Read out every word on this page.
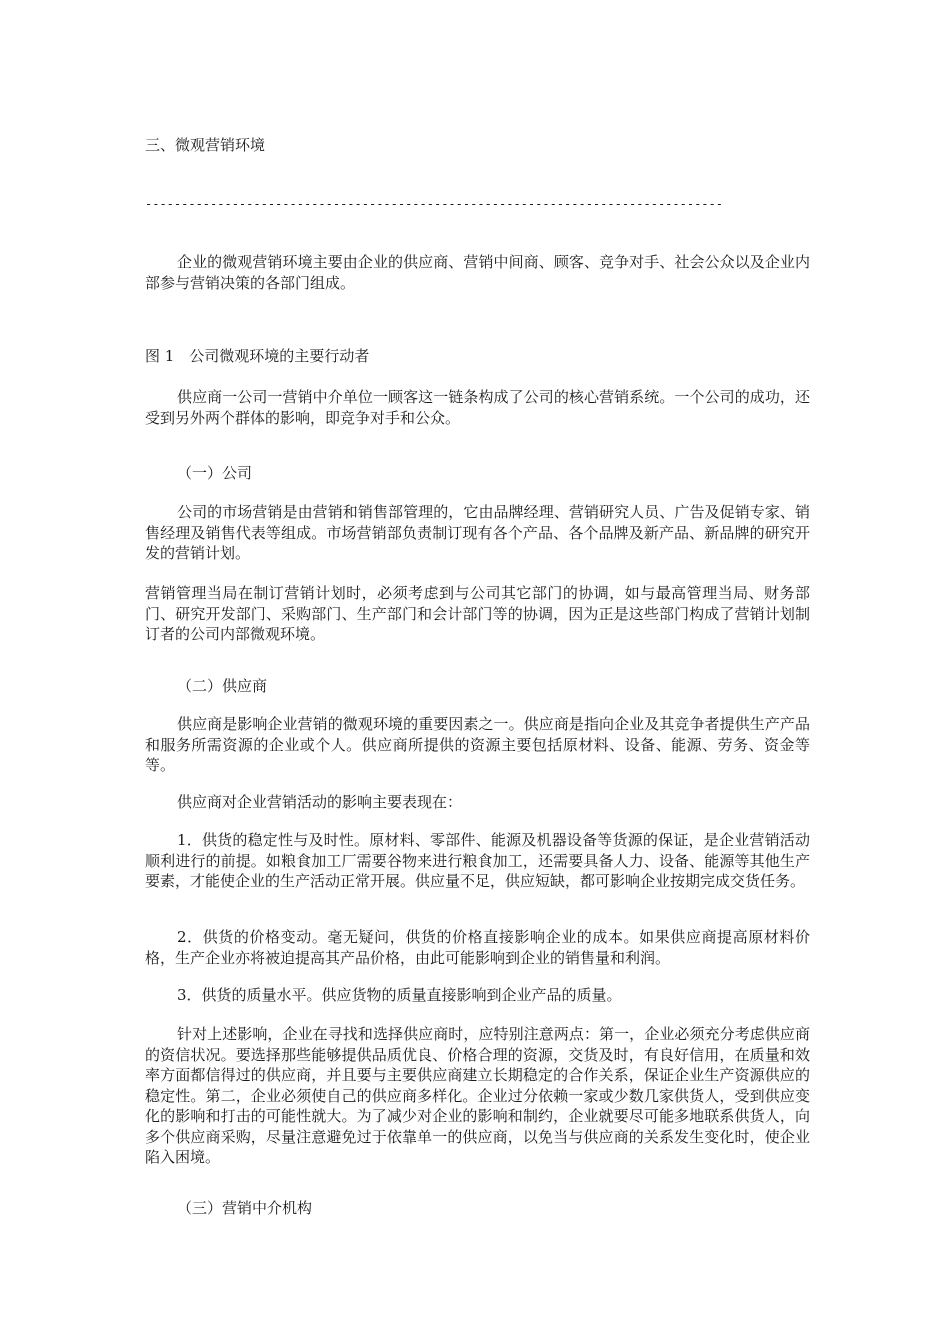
三、微观营销环境

--------------------------------------------------------------------------------

企业的微观营销环境主要由企业的供应商、营销中间商、顾客、竞争对手、社会公众以及企业内部参与营销决策的各部门组成。

图 1　公司微观环境的主要行动者

供应商一公司一营销中介单位一顾客这一链条构成了公司的核心营销系统。一个公司的成功，还受到另外两个群体的影响，即竞争对手和公众。

（一）公司

公司的市场营销是由营销和销售部管理的，它由品牌经理、营销研究人员、广告及促销专家、销售经理及销售代表等组成。市场营销部负责制订现有各个产品、各个品牌及新产品、新品牌的研究开发的营销计划。

营销管理当局在制订营销计划时，必须考虑到与公司其它部门的协调，如与最高管理当局、财务部门、研究开发部门、采购部门、生产部门和会计部门等的协调，因为正是这些部门构成了营销计划制订者的公司内部微观环境。

（二）供应商

供应商是影响企业营销的微观环境的重要因素之一。供应商是指向企业及其竞争者提供生产产品和服务所需资源的企业或个人。供应商所提供的资源主要包括原材料、设备、能源、劳务、资金等等。

供应商对企业营销活动的影响主要表现在：

1．供货的稳定性与及时性。原材料、零部件、能源及机器设备等货源的保证，是企业营销活动顺利进行的前提。如粮食加工厂需要谷物来进行粮食加工，还需要具备人力、设备、能源等其他生产要素，才能使企业的生产活动正常开展。供应量不足，供应短缺，都可影响企业按期完成交货任务。

2．供货的价格变动。毫无疑问，供货的价格直接影响企业的成本。如果供应商提高原材料价格，生产企业亦将被迫提高其产品价格，由此可能影响到企业的销售量和利润。

3．供货的质量水平。供应货物的质量直接影响到企业产品的质量。

针对上述影响，企业在寻找和选择供应商时，应特别注意两点：第一，企业必须充分考虑供应商的资信状况。要选择那些能够提供品质优良、价格合理的资源，交货及时，有良好信用，在质量和效率方面都信得过的供应商，并且要与主要供应商建立长期稳定的合作关系，保证企业生产资源供应的稳定性。第二，企业必须使自己的供应商多样化。企业过分依赖一家或少数几家供货人，受到供应变化的影响和打击的可能性就大。为了减少对企业的影响和制约，企业就要尽可能多地联系供货人，向多个供应商采购，尽量注意避免过于依靠单一的供应商，以免当与供应商的关系发生变化时，使企业陷入困境。

（三）营销中介机构
